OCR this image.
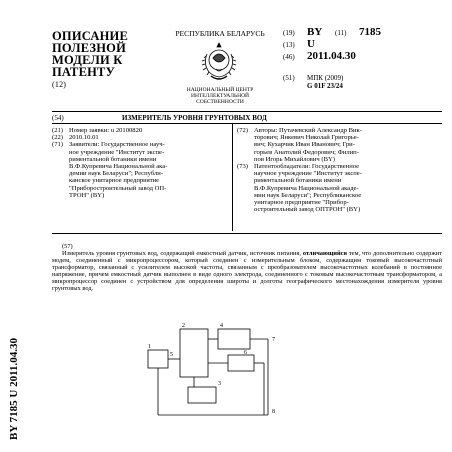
ОПИСАНИЕ
ПОЛЕЗНОЙ
МОДЕЛИ К
ПАТЕНТУ
(12)
РЕСПУБЛИКА БЕЛАРУСЬ
НАЦИОНАЛЬНЫЙ ЦЕНТР
ИНТЕЛЛЕКТУАЛЬНОЙ
СОБСТВЕННОСТИ
(19)	BY	(11)	7185
(13)	U
(46)	2011.04.30
(51)	МПК (2009)
G 01F 23/24
(54)	ИЗМЕРИТЕЛЬ УРОВНЯ ГРУНТОВЫХ ВОД
(21) Номер заявки: u 20100820
(22) 2010.10.01
(71) Заявители: Государственное науч-
ное учреждение "Институт экспе-
риментальной ботаники имени
В.Ф.Купревича Национальной ака-
демии наук Беларуси"; Республи-
канское унитарное предприятие
"Приборостроительный завод ОП-
ТРОН" (BY)
(72) Авторы: Путачевский Александр Вик-
торович; Янкевич Николай Григорье-
вич; Кухарчик Иван Иванович; Гри-
горьев Анатолий Федорович; Филип-
пов Игорь Михайлович (BY)
(73) Патентообладатели: Государственное
научное учреждение "Институт экспе-
риментальной ботаники имени
В.Ф.Купревича Национальной акаде-
мии наук Беларуси"; Республиканское
унитарное предприятие "Прибор-
остроительный завод ОПТРОН" (BY)
(57)

Измеритель уровня грунтовых вод, содержащий емкостный датчик, источник питания, отличающийся тем, что дополнительно содержит модем, соединенный с микропроцессором, который соединен с измерительным блоком, содержащим токовый высокочастотный трансформатор, связанный с усилителем высокой частоты, связанным с преобразователем высокочастотных колебаний в постоянное напряжение, причем емкостный датчик выполнен в виде одного электрода, соединенного с токовым высокочастотным трансформатором, а микропроцессор соединен с устройством для определения широты и долготы географического местонахождения измерителя уровня грунтовых вод.

1
2
3
4
5	6
7
8
BY 7185 U 2011.04.30
